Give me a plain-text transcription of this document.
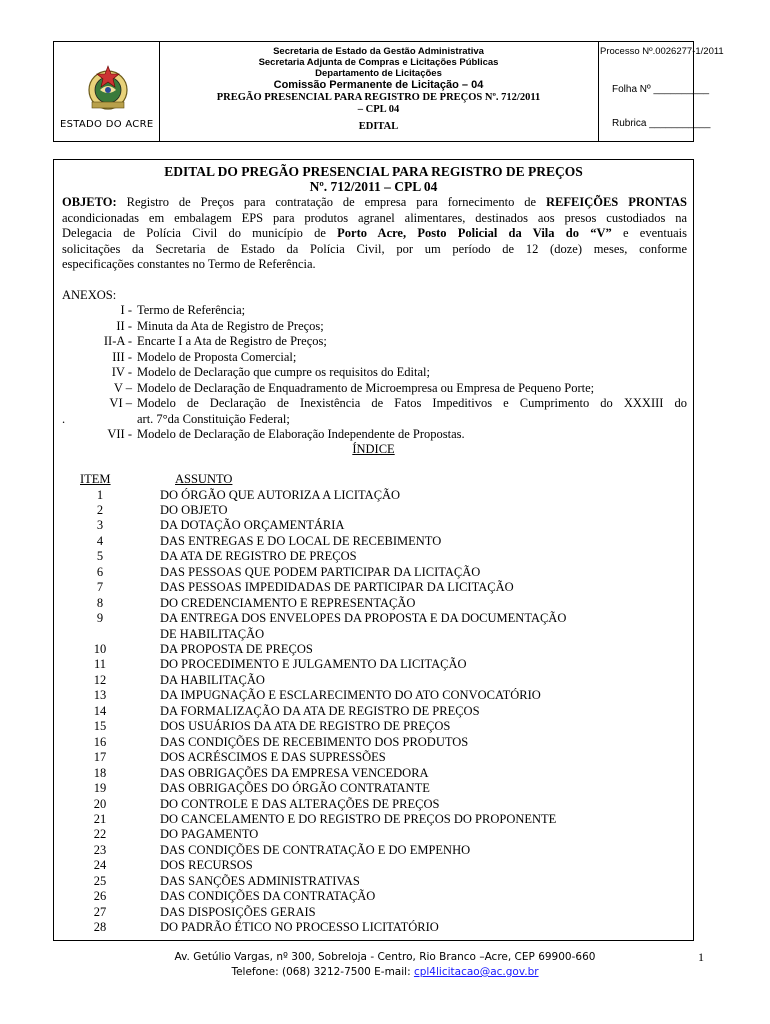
ESTADO DO ACRE
Secretaria de Estado da Gestão Administrativa
Secretaria Adjunta de Compras e Licitações Públicas
Departamento de Licitações
Comissão Permanente de Licitação – 04
PREGÃO PRESENCIAL PARA REGISTRO DE PREÇOS Nº. 712/2011
– CPL 04
EDITAL
Processo Nº.0026277-1/2011
Folha Nº __________
Rubrica ___________
EDITAL DO PREGÃO PRESENCIAL PARA REGISTRO DE PREÇOS
Nº. 712/2011 – CPL 04
OBJETO: Registro de Preços para contratação de empresa para fornecimento de REFEIÇÕES PRONTAS
acondicionadas em embalagem EPS para produtos agranel alimentares, destinados aos presos custodiados na
Delegacia de Polícia Civil do município de Porto Acre, Posto Policial da Vila do “V” e eventuais
solicitações da Secretaria de Estado da Polícia Civil, por um período de 12 (doze) meses, conforme
especificações constantes no Termo de Referência.
ANEXOS:
I - Termo de Referência;
II - Minuta da Ata de Registro de Preços;
II-A - Encarte I a Ata de Registro de Preços;
III - Modelo de Proposta Comercial;
IV - Modelo de Declaração que cumpre os requisitos do Edital;
V – Modelo de Declaração de Enquadramento de Microempresa ou Empresa de Pequeno Porte;
VI – Modelo de Declaração de Inexistência de Fatos Impeditivos e Cumprimento do XXXIII do
.	art. 7°da Constituição Federal;
VII - Modelo de Declaração de Elaboração Independente de Propostas.
ÍNDICE
ITEM	ASSUNTO
1	DO ÓRGÃO QUE AUTORIZA A LICITAÇÃO
2	DO OBJETO
3	DA DOTAÇÃO ORÇAMENTÁRIA
4	DAS ENTREGAS E DO LOCAL DE RECEBIMENTO
5	DA ATA DE REGISTRO DE PREÇOS
6	DAS PESSOAS QUE PODEM PARTICIPAR DA LICITAÇÃO
7	DAS PESSOAS IMPEDIDADAS DE PARTICIPAR DA LICITAÇÃO
8	DO CREDENCIAMENTO E REPRESENTAÇÃO
9	DA ENTREGA DOS ENVELOPES DA PROPOSTA E DA DOCUMENTAÇÃO
DE HABILITAÇÃO
10	DA PROPOSTA DE PREÇOS
11	DO PROCEDIMENTO E JULGAMENTO DA LICITAÇÃO
12	DA HABILITAÇÃO
13	DA IMPUGNAÇÃO E ESCLARECIMENTO DO ATO CONVOCATÓRIO
14	DA FORMALIZAÇÃO DA ATA DE REGISTRO DE PREÇOS
15	DOS USUÁRIOS DA ATA DE REGISTRO DE PREÇOS
16	DAS CONDIÇÕES DE RECEBIMENTO DOS PRODUTOS
17	DOS ACRÉSCIMOS E DAS SUPRESSÕES
18	DAS OBRIGAÇÕES DA EMPRESA VENCEDORA
19	DAS OBRIGAÇÕES DO ÓRGÃO CONTRATANTE
20	DO CONTROLE E DAS ALTERAÇÕES DE PREÇOS
21	DO CANCELAMENTO E DO REGISTRO DE PREÇOS DO PROPONENTE
22	DO PAGAMENTO
23	DAS CONDIÇÕES DE CONTRATAÇÃO E DO EMPENHO
24	DOS RECURSOS
25	DAS SANÇÕES ADMINISTRATIVAS
26	DAS CONDIÇÕES DA CONTRATAÇÃO
27	DAS DISPOSIÇÕES GERAIS
28	DO PADRÃO ÉTICO NO PROCESSO LICITATÓRIO
Av. Getúlio Vargas, nº 300, Sobreloja - Centro, Rio Branco –Acre, CEP 69900-660
Telefone: (068) 3212-7500 E-mail: cpl4licitacao@ac.gov.br
1
